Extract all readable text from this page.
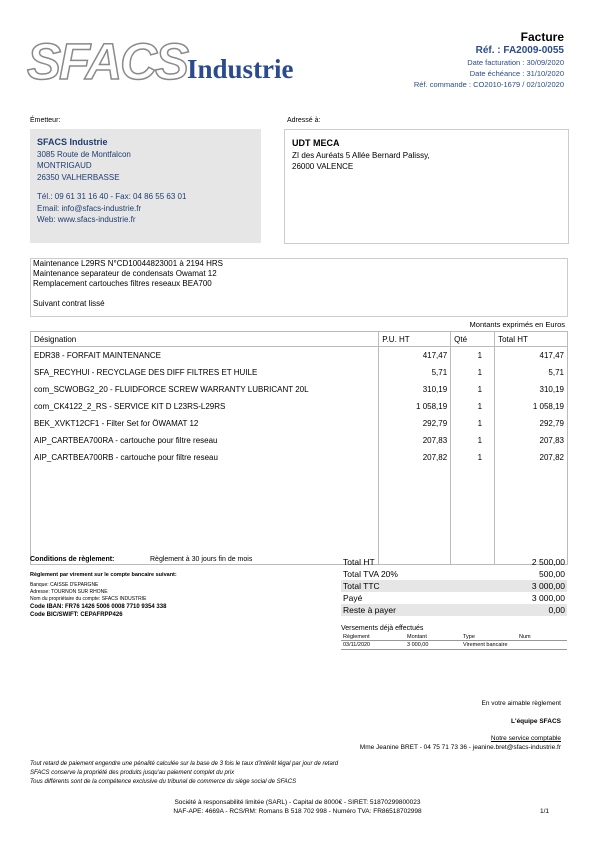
SFACS Industrie
Facture
Réf. : FA2009-0055
Date facturation : 30/09/2020
Date échéance : 31/10/2020
Réf. commande : CO2010-1679 / 02/10/2020
Émetteur:	Adressé à:
SFACS Industrie
3085 Route de Montfalcon
MONTRIGAUD
26350 VALHERBASSE
Tél.: 09 61 31 16 40 - Fax: 04 86 55 63 01
Email: info@sfacs-industrie.fr
Web: www.sfacs-industrie.fr
UDT MECA
ZI des Auréats 5 Allée Bernard Palissy,
26000 VALENCE
Maintenance L29RS N°CD10044823001 à 2194 HRS
Maintenance separateur de condensats Owamat 12
Remplacement cartouches filtres reseaux BEA700
Suivant contrat lissé
Montants exprimés en Euros
Désignation	P.U. HT	Qté	Total HT
EDR38 - FORFAIT MAINTENANCE	417,47	1	417,47
SFA_RECYHUI - RECYCLAGE DES DIFF FILTRES ET HUILE	5,71	1	5,71
com_SCWOBG2_20 - FLUIDFORCE SCREW WARRANTY LUBRICANT 20L	310,19	1	310,19
com_CK4122_2_RS - SERVICE KIT D L23RS-L29RS	1 058,19	1	1 058,19
BEK_XVKT12CF1 - Filter Set for ÖWAMAT 12	292,79	1	292,79
AIP_CARTBEA700RA - cartouche pour filtre reseau	207,83	1	207,83
AIP_CARTBEA700RB - cartouche pour filtre reseau	207,82	1	207,82

Conditions de règlement:	Règlement à 30 jours fin de mois
Règlement par virement sur le compte bancaire suivant:
Banque: CAISSE D'EPARGNE
Adresse: TOURNON SUR RHONE
Nom du propriétaire du compte: SFACS INDUSTRIE
Code IBAN: FR76 1426 5006 0008 7710 9354 338
Code BIC/SWIFT: CEPAFRPP426
Total HT	2 500,00
Total TVA 20%	500,00
Total TTC	3 000,00
Payé	3 000,00
Reste à payer	0,00
Versements déjà effectués
Règlement	Montant	Type	Num
03/11/2020	3 000,00	Virement bancaire	
En votre aimable règlement
L'équipe SFACS
Notre service comptable
Mme Jeanine BRET - 04 75 71 73 36 - jeanine.bret@sfacs-industrie.fr
Tout retard de paiement engendre une pénalité calculée sur la base de 3 fois le taux d'intérêt légal par jour de retard
SFACS conserve la propriété des produits jusqu'au paiement complet du prix
Tous différents sont de la compétence exclusive du tribunal de commerce du siège social de SFACS
Société à responsabilité limitée (SARL) - Capital de 8000€ - SIRET: 51870299800023
NAF-APE: 4669A - RCS/RM: Romans B 518 702 998 - Numéro TVA: FR86518702998	1/1
